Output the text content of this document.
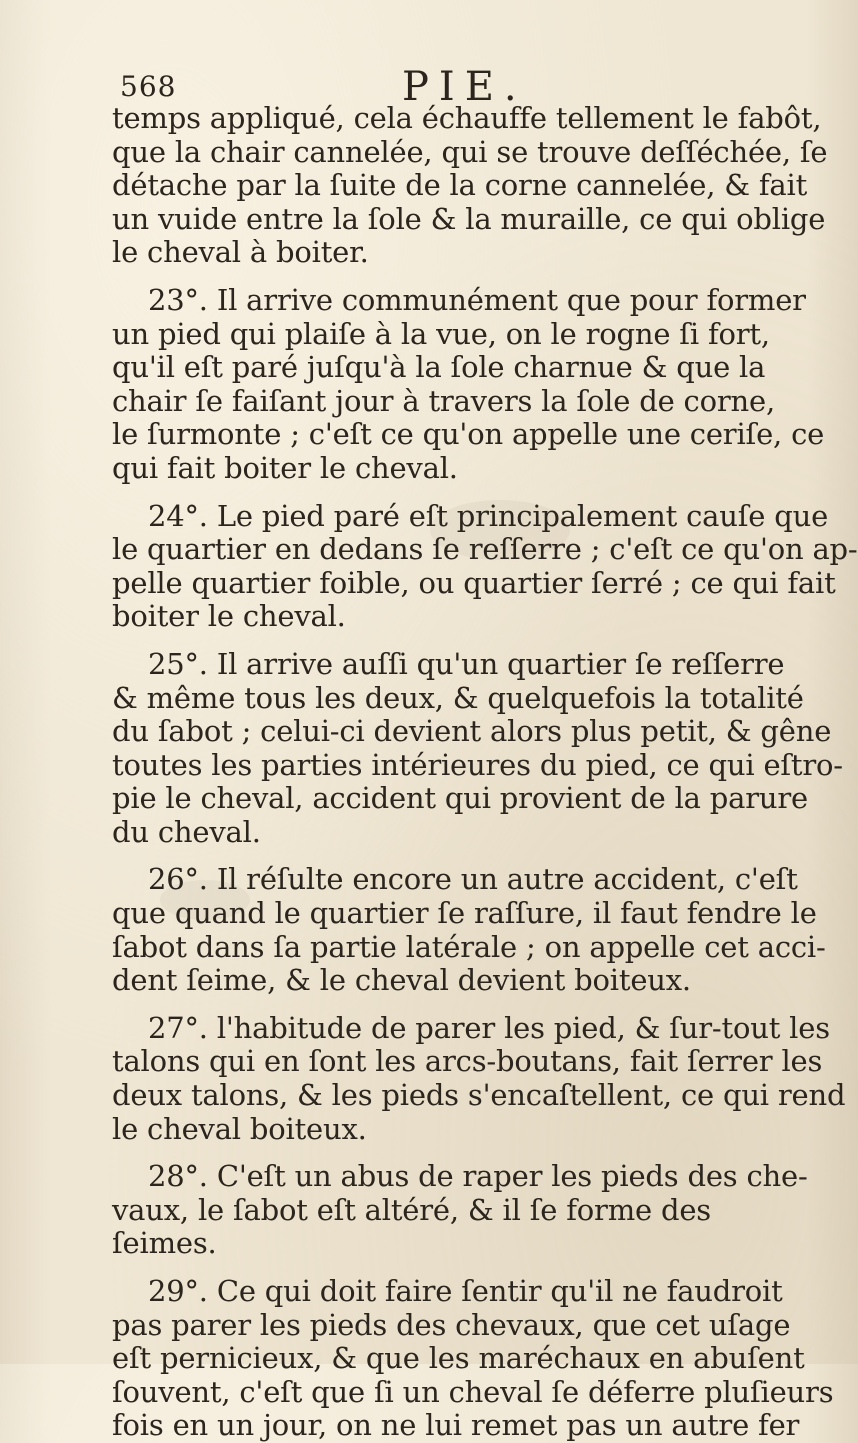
568	PIE.
temps appliqué, cela échauffe tellement le fabôt,
que la chair cannelée, qui se trouve deſſéchée, ſe
détache par la ſuite de la corne cannelée, & fait
un vuide entre la ſole & la muraille, ce qui oblige
le cheval à boiter.
23°. Il arrive communément que pour former
un pied qui plaiſe à la vue, on le rogne ſi fort,
qu'il eſt paré juſqu'à la ſole charnue & que la
chair ſe faiſant jour à travers la ſole de corne,
le ſurmonte ; c'eſt ce qu'on appelle une ceriſe, ce
qui fait boiter le cheval.
24°. Le pied paré eſt principalement cauſe que
le quartier en dedans ſe reſſerre ; c'eſt ce qu'on ap-
pelle quartier foible, ou quartier ſerré ; ce qui fait
boiter le cheval.
25°. Il arrive auſſi qu'un quartier ſe reſſerre
& même tous les deux, & quelquefois la totalité
du ſabot ; celui-ci devient alors plus petit, & gêne
toutes les parties intérieures du pied, ce qui eſtro-
pie le cheval, accident qui provient de la parure
du cheval.
26°. Il réſulte encore un autre accident, c'eſt
que quand le quartier ſe raſſure, il faut fendre le
ſabot dans ſa partie latérale ; on appelle cet acci-
dent ſeime, & le cheval devient boiteux.
27°. l'habitude de parer les pied, & ſur-tout les
talons qui en ſont les arcs-boutans, fait ſerrer les
deux talons, & les pieds s'encaſtellent, ce qui rend
le cheval boiteux.
28°. C'eſt un abus de raper les pieds des che-
vaux, le ſabot eſt altéré, & il ſe forme des
ſeimes.
29°. Ce qui doit faire ſentir qu'il ne faudroit
pas parer les pieds des chevaux, que cet uſage
eſt pernicieux, & que les maréchaux en abuſent
ſouvent, c'eſt que ſi un cheval ſe déferre pluſieurs
fois en un jour, on ne lui remet pas un autre fer
